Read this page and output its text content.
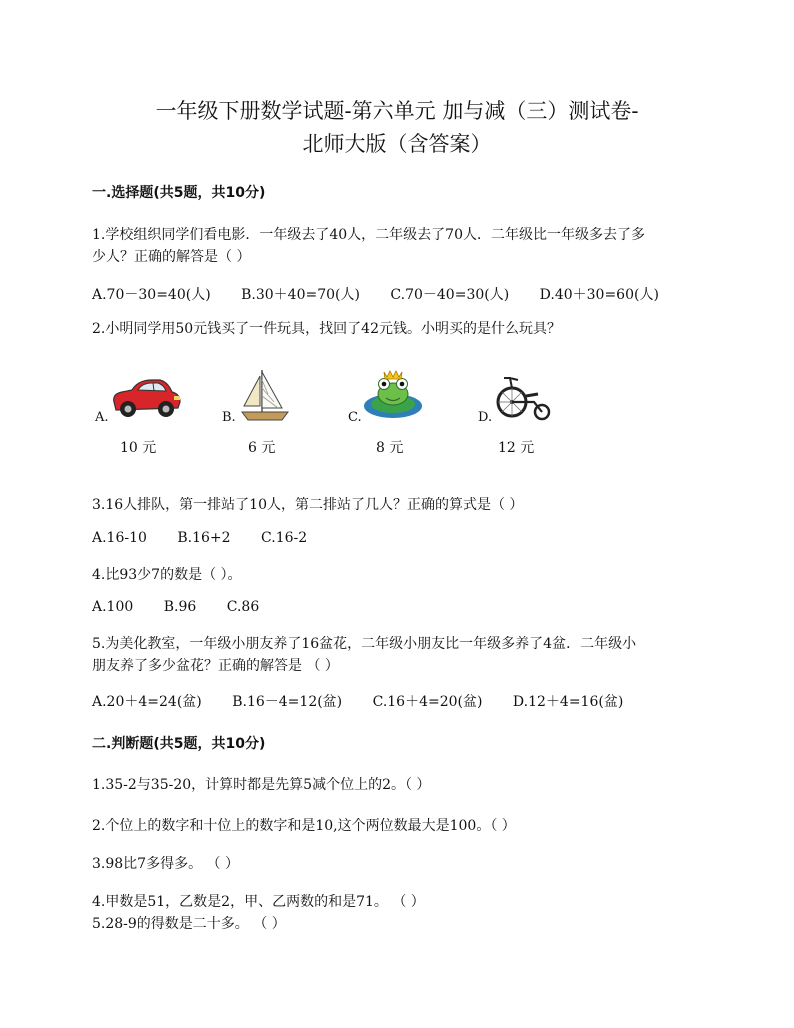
一年级下册数学试题-第六单元 加与减（三）测试卷-
北师大版（含答案）
一.选择题(共5题，共10分)
1.学校组织同学们看电影．一年级去了40人，二年级去了70人．二年级比一年级多去了多
少人？正确的解答是（ ）
A.70－30=40(人) B.30＋40=70(人) C.70－40=30(人) D.40＋30=60(人)
2.小明同学用50元钱买了一件玩具，找回了42元钱。小明买的是什么玩具？
A.
10 元
B.
6 元
C.
8 元
D.
12 元
3.16人排队，第一排站了10人，第二排站了几人？正确的算式是（ ）
A.16-10 B.16+2 C.16-2
4.比93少7的数是（ ）。
A.100 B.96 C.86
5.为美化教室，一年级小朋友养了16盆花，二年级小朋友比一年级多养了4盆．二年级小
朋友养了多少盆花？正确的解答是 （ ）
A.20＋4=24(盆) B.16－4=12(盆) C.16＋4=20(盆) D.12＋4=16(盆)
二.判断题(共5题，共10分)
1.35-2与35-20，计算时都是先算5减个位上的2。（ ）
2.个位上的数字和十位上的数字和是10,这个两位数最大是100。（ ）
3.98比7多得多。 （ ）
4.甲数是51，乙数是2，甲、乙两数的和是71。 （ ）
5.28-9的得数是二十多。 （ ）
